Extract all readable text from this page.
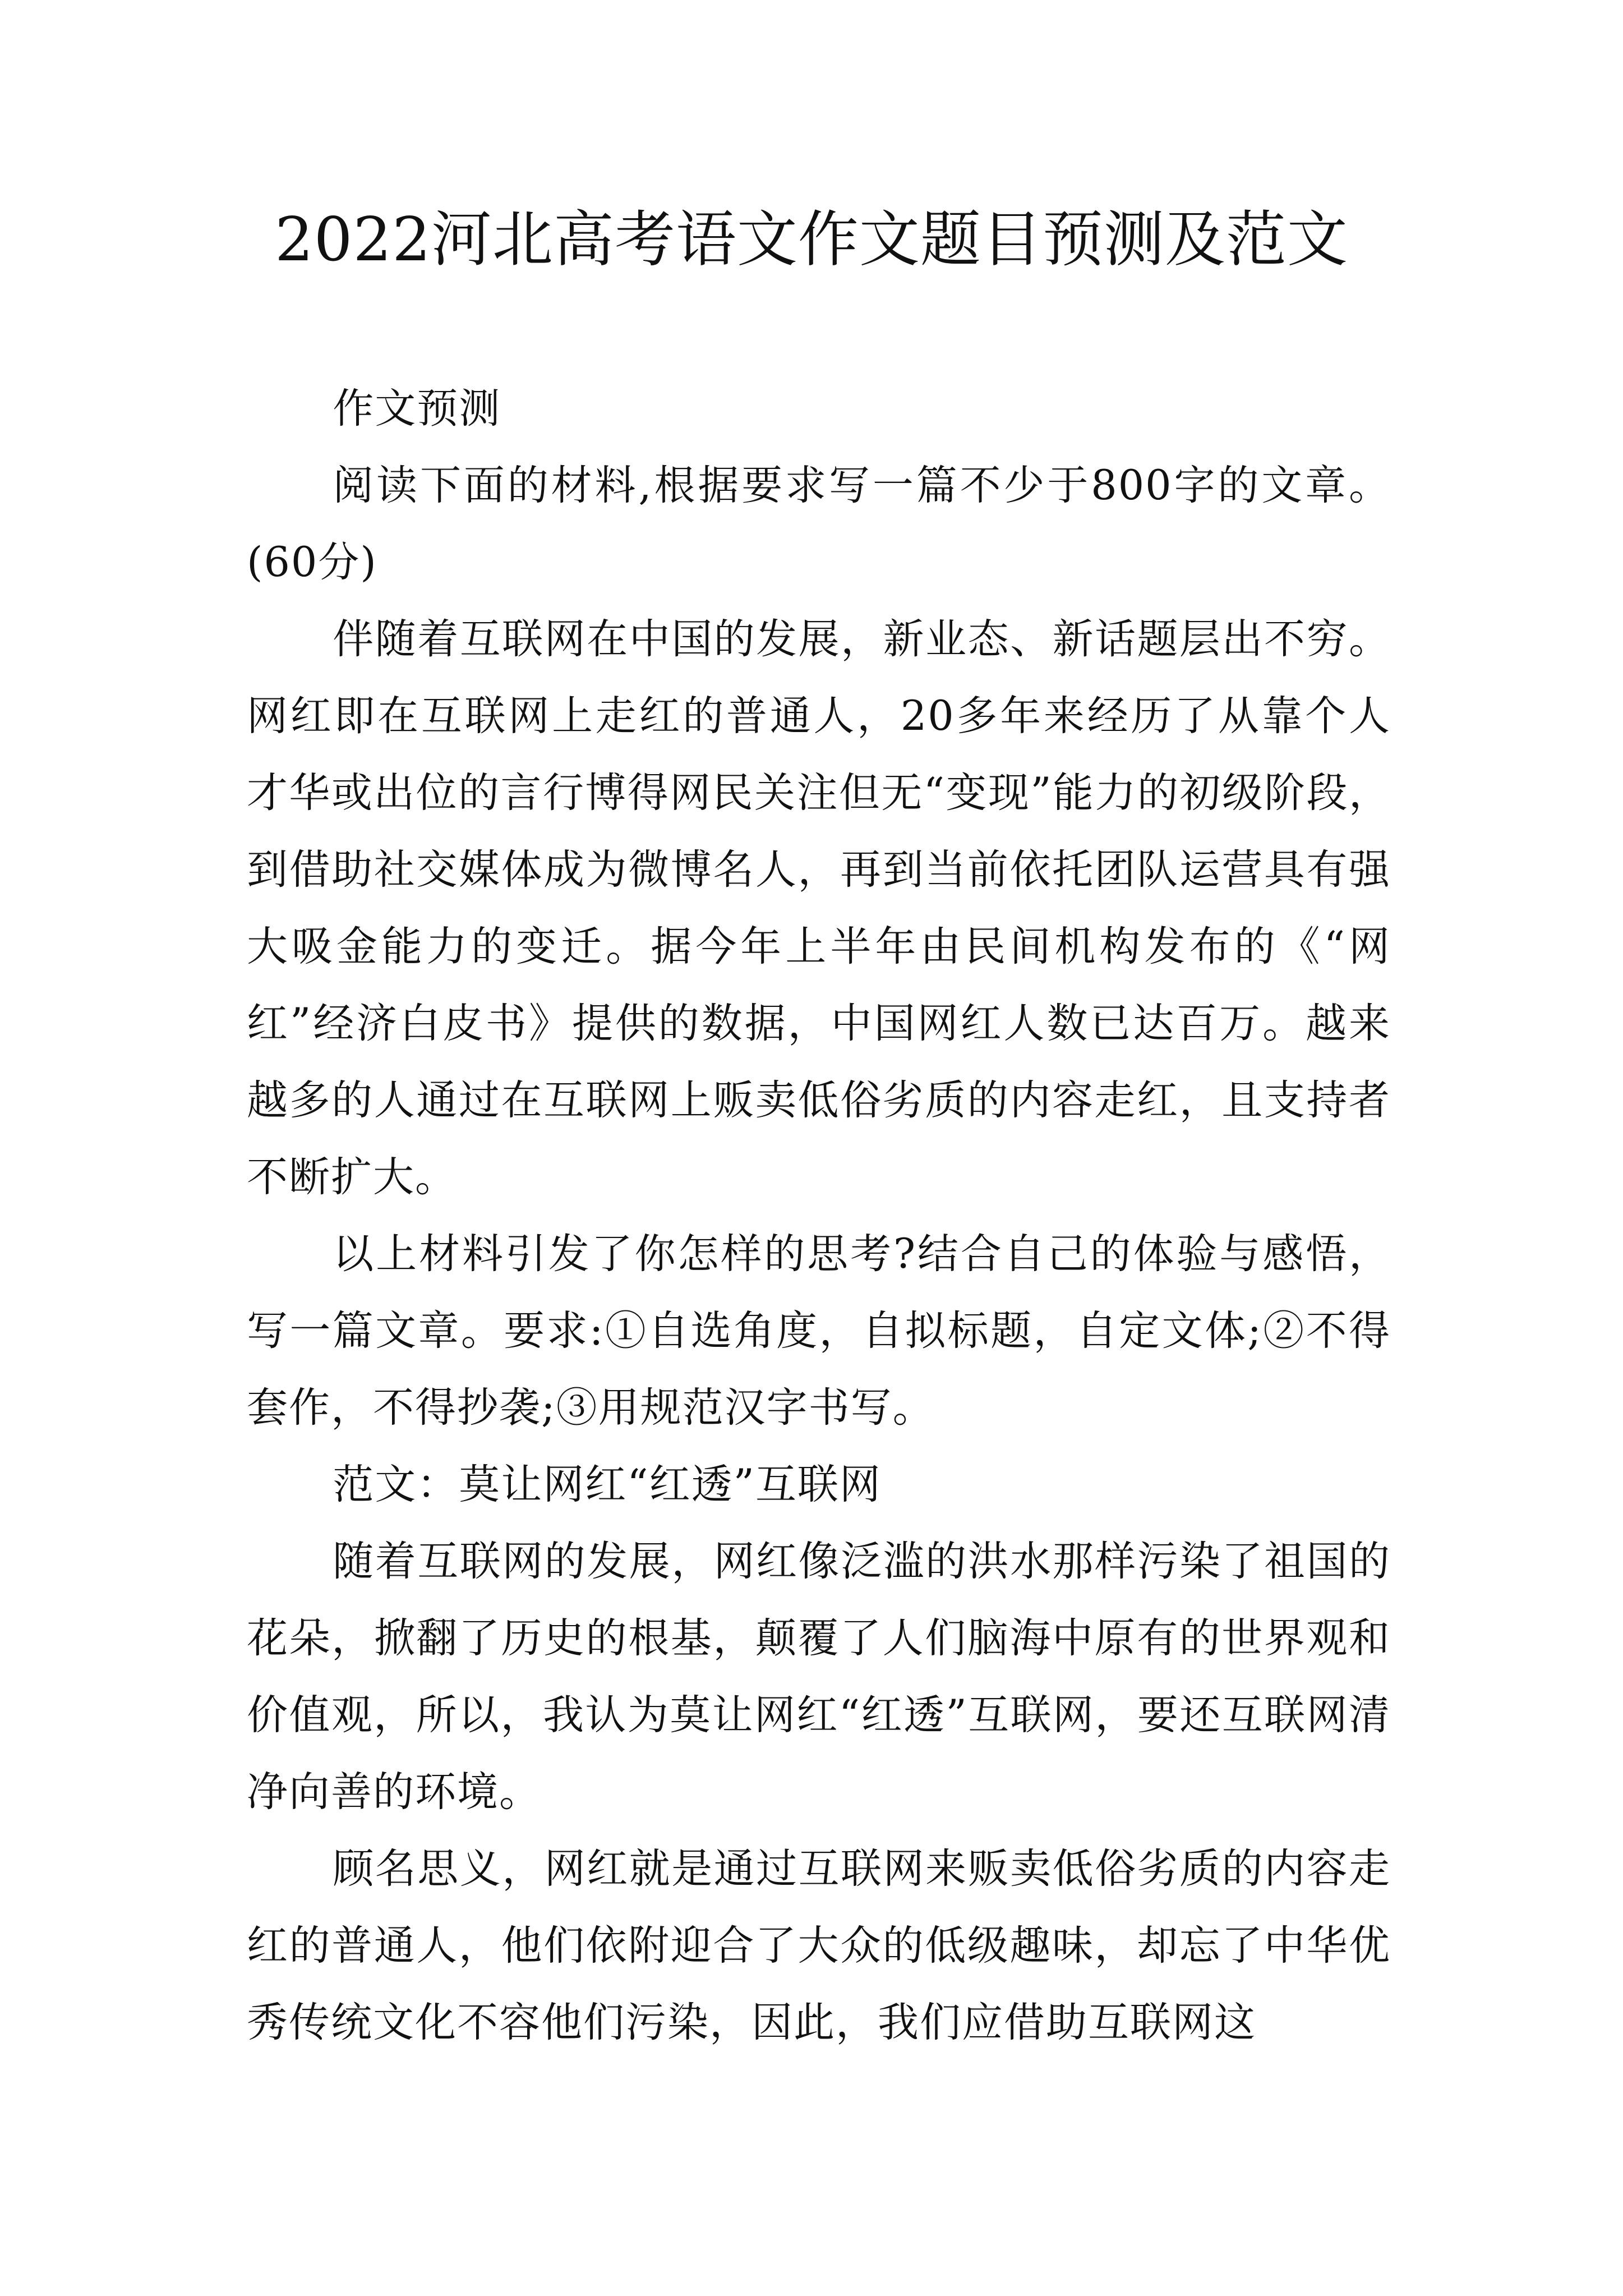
2022河北高考语文作文题目预测及范文

作文预测

阅读下面的材料,根据要求写一篇不少于800字的文章。(60分)

伴随着互联网在中国的发展，新业态、新话题层出不穷。网红即在互联网上走红的普通人，20多年来经历了从靠个人才华或出位的言行博得网民关注但无“变现”能力的初级阶段，到借助社交媒体成为微博名人，再到当前依托团队运营具有强大吸金能力的变迁。据今年上半年由民间机构发布的《“网红”经济白皮书》提供的数据，中国网红人数已达百万。越来越多的人通过在互联网上贩卖低俗劣质的内容走红，且支持者不断扩大。

以上材料引发了你怎样的思考?结合自己的体验与感悟，写一篇文章。要求:①自选角度，自拟标题，自定文体;②不得套作，不得抄袭;③用规范汉字书写。

范文：莫让网红“红透”互联网

随着互联网的发展，网红像泛滥的洪水那样污染了祖国的花朵，掀翻了历史的根基，颠覆了人们脑海中原有的世界观和价值观，所以，我认为莫让网红“红透”互联网，要还互联网清净向善的环境。

顾名思义，网红就是通过互联网来贩卖低俗劣质的内容走红的普通人，他们依附迎合了大众的低级趣味，却忘了中华优秀传统文化不容他们污染，因此，我们应借助互联网这
